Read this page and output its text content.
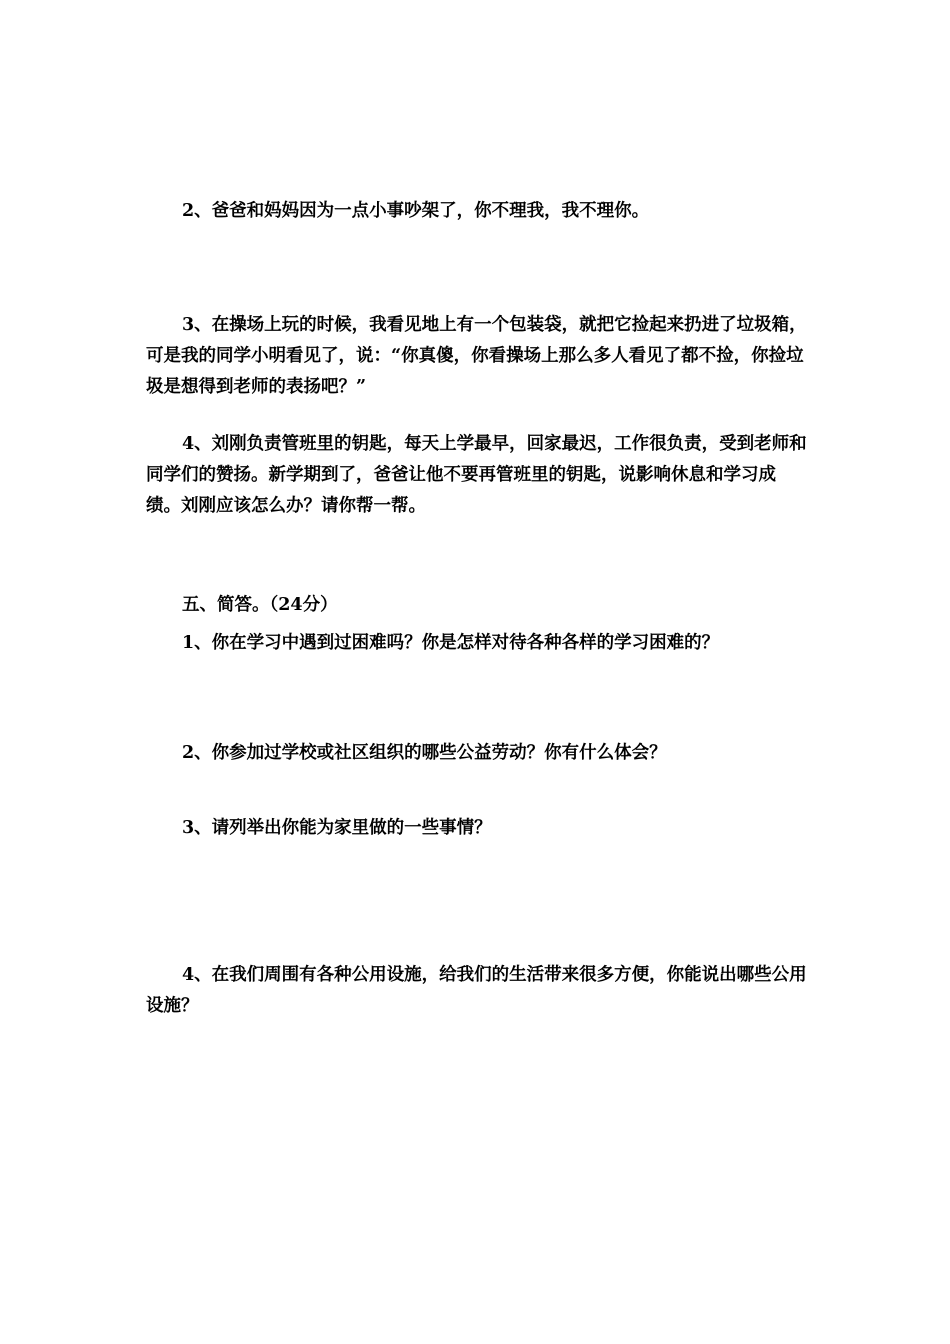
2、爸爸和妈妈因为一点小事吵架了，你不理我，我不理你。

3、在操场上玩的时候，我看见地上有一个包装袋，就把它捡起来扔进了垃圾箱，可是我的同学小明看见了，说：“你真傻，你看操场上那么多人看见了都不捡，你捡垃圾是想得到老师的表扬吧？”

4、刘刚负责管班里的钥匙，每天上学最早，回家最迟，工作很负责，受到老师和同学们的赞扬。新学期到了，爸爸让他不要再管班里的钥匙，说影响休息和学习成绩。刘刚应该怎么办？请你帮一帮。

五、简答。（24分）

1、你在学习中遇到过困难吗？你是怎样对待各种各样的学习困难的？

2、你参加过学校或社区组织的哪些公益劳动？你有什么体会？

3、请列举出你能为家里做的一些事情？

4、在我们周围有各种公用设施，给我们的生活带来很多方便，你能说出哪些公用设施？
